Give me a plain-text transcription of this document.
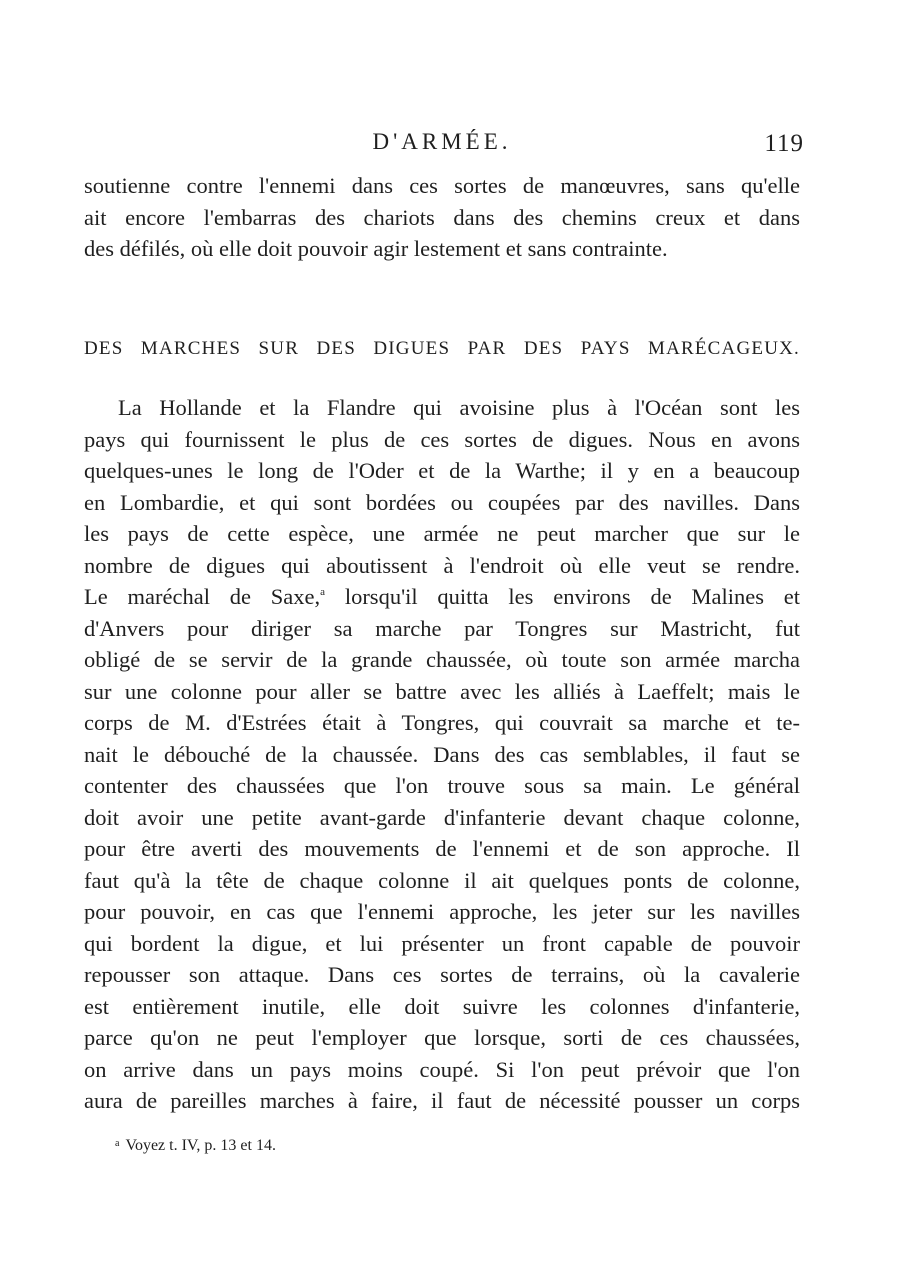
D'ARMÉE.	119

soutienne contre l'ennemi dans ces sortes de manœuvres, sans qu'elle
ait encore l'embarras des chariots dans des chemins creux et dans
des défilés, où elle doit pouvoir agir lestement et sans contrainte.

DES MARCHES SUR DES DIGUES PAR DES PAYS MARÉCAGEUX.

La Hollande et la Flandre qui avoisine plus à l'Océan sont les
pays qui fournissent le plus de ces sortes de digues. Nous en avons
quelques-unes le long de l'Oder et de la Warthe; il y en a beaucoup
en Lombardie, et qui sont bordées ou coupées par des navilles. Dans
les pays de cette espèce, une armée ne peut marcher que sur le
nombre de digues qui aboutissent à l'endroit où elle veut se rendre.
Le maréchal de Saxe,$^a$ lorsqu'il quitta les environs de Malines et
d'Anvers pour diriger sa marche par Tongres sur Mastricht, fut
obligé de se servir de la grande chaussée, où toute son armée marcha
sur une colonne pour aller se battre avec les alliés à Laeffelt; mais le
corps de M. d'Estrées était à Tongres, qui couvrait sa marche et te-
nait le débouché de la chaussée. Dans des cas semblables, il faut se
contenter des chaussées que l'on trouve sous sa main. Le général
doit avoir une petite avant-garde d'infanterie devant chaque colonne,
pour être averti des mouvements de l'ennemi et de son approche. Il
faut qu'à la tête de chaque colonne il ait quelques ponts de colonne,
pour pouvoir, en cas que l'ennemi approche, les jeter sur les navilles
qui bordent la digue, et lui présenter un front capable de pouvoir
repousser son attaque. Dans ces sortes de terrains, où la cavalerie
est entièrement inutile, elle doit suivre les colonnes d'infanterie,
parce qu'on ne peut l'employer que lorsque, sorti de ces chaussées,
on arrive dans un pays moins coupé. Si l'on peut prévoir que l'on
aura de pareilles marches à faire, il faut de nécessité pousser un corps

$^a$ Voyez t. IV, p. 13 et 14.
